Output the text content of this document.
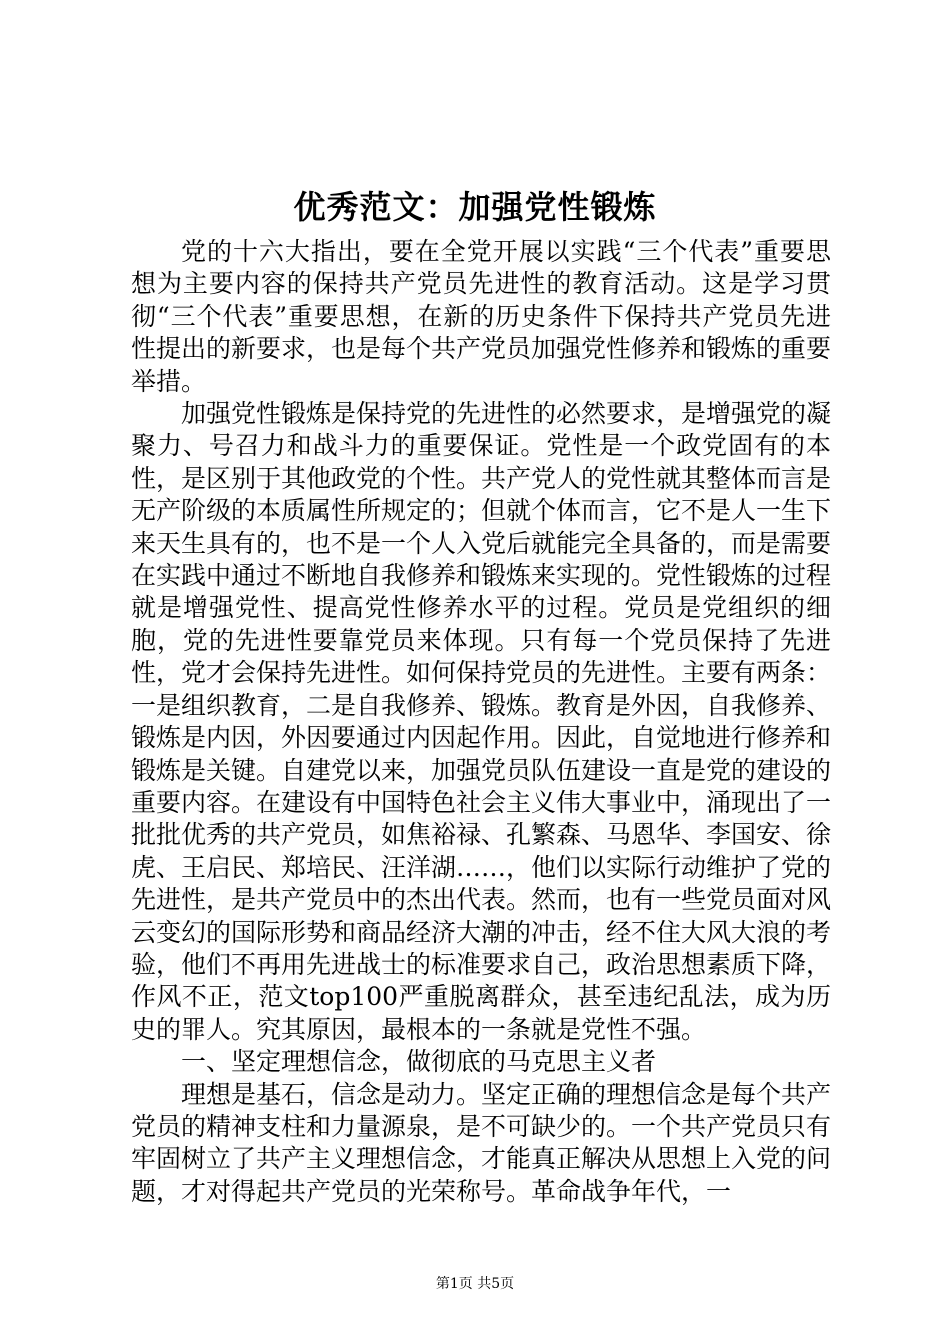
优秀范文：加强党性锻炼

党的十六大指出，要在全党开展以实践“三个代表”重要思想为主要内容的保持共产党员先进性的教育活动。这是学习贯彻“三个代表”重要思想，在新的历史条件下保持共产党员先进性提出的新要求，也是每个共产党员加强党性修养和锻炼的重要举措。

加强党性锻炼是保持党的先进性的必然要求，是增强党的凝聚力、号召力和战斗力的重要保证。党性是一个政党固有的本性，是区别于其他政党的个性。共产党人的党性就其整体而言是无产阶级的本质属性所规定的；但就个体而言，它不是人一生下来天生具有的，也不是一个人入党后就能完全具备的，而是需要在实践中通过不断地自我修养和锻炼来实现的。党性锻炼的过程就是增强党性、提高党性修养水平的过程。党员是党组织的细胞，党的先进性要靠党员来体现。只有每一个党员保持了先进性，党才会保持先进性。如何保持党员的先进性。主要有两条：一是组织教育，二是自我修养、锻炼。教育是外因，自我修养、锻炼是内因，外因要通过内因起作用。因此，自觉地进行修养和锻炼是关键。自建党以来，加强党员队伍建设一直是党的建设的重要内容。在建设有中国特色社会主义伟大事业中，涌现出了一批批优秀的共产党员，如焦裕禄、孔繁森、马恩华、李国安、徐虎、王启民、郑培民、汪洋湖……，他们以实际行动维护了党的先进性，是共产党员中的杰出代表。然而，也有一些党员面对风云变幻的国际形势和商品经济大潮的冲击，经不住大风大浪的考验，他们不再用先进战士的标准要求自己，政治思想素质下降，作风不正，范文top100严重脱离群众，甚至违纪乱法，成为历史的罪人。究其原因，最根本的一条就是党性不强。

一、坚定理想信念，做彻底的马克思主义者

理想是基石，信念是动力。坚定正确的理想信念是每个共产党员的精神支柱和力量源泉，是不可缺少的。一个共产党员只有牢固树立了共产主义理想信念，才能真正解决从思想上入党的问题，才对得起共产党员的光荣称号。革命战争年代，一

第1页 共5页
